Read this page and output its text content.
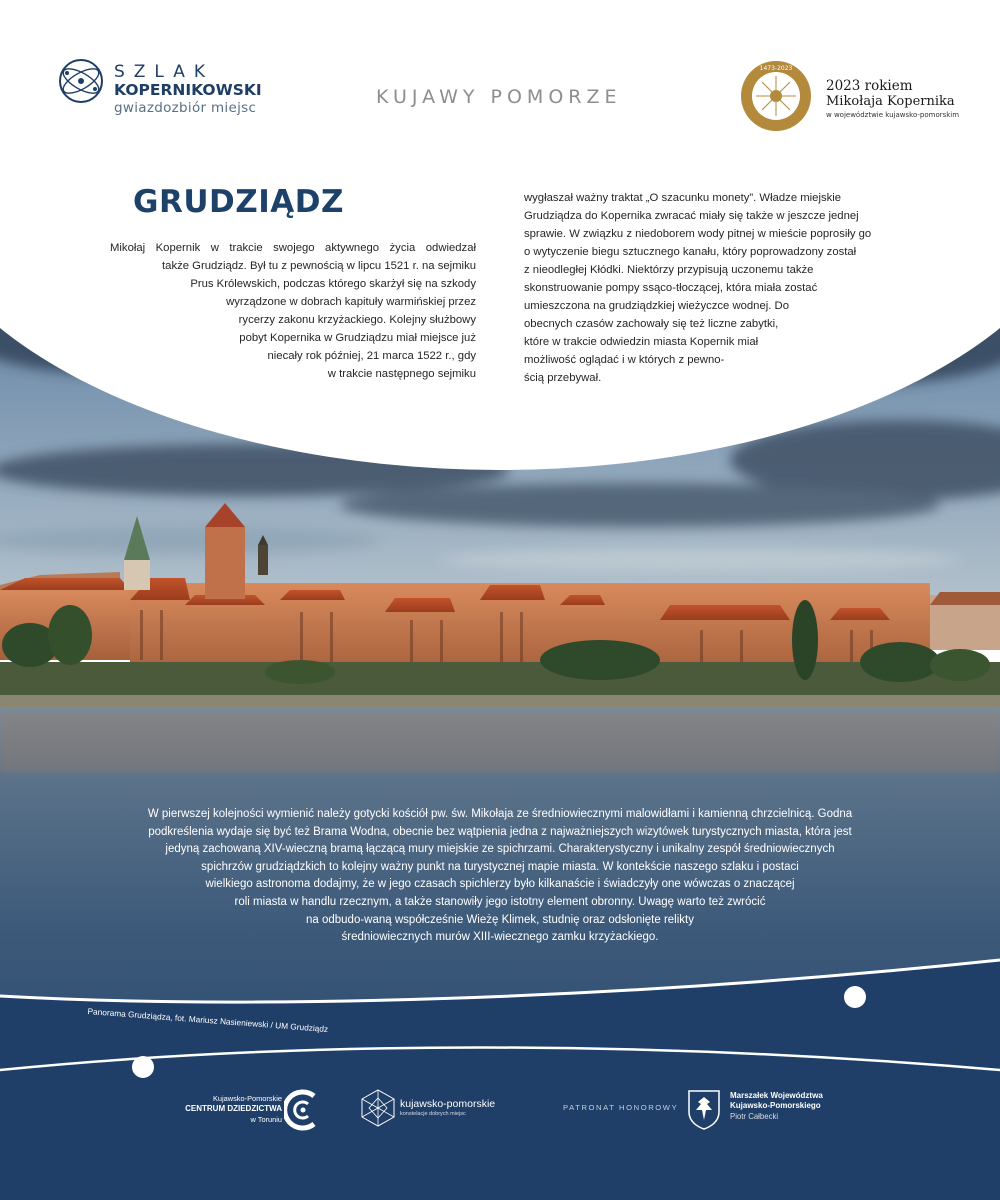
SZLAK
KOPERNIKOWSKI
gwiazdozbiór miejsc	KUJAWY POMORZE
1473-2023
2023 rokiem
Mikołaja Kopernika
w województwie kujawsko-pomorskim
GRUDZIĄDZ
Mikołaj Kopernik w trakcie swojego aktywnego życia odwiedzał
także Grudziądz. Był tu z pewnością w lipcu 1521 r. na sejmiku
Prus Królewskich, podczas którego skarżył się na szkody
wyrządzone w dobrach kapituły warmińskiej przez
rycerzy zakonu krzyżackiego. Kolejny służbowy
pobyt Kopernika w Grudziądzu miał miejsce już
niecały rok później, 21 marca 1522 r., gdy
w trakcie następnego sejmiku
wygłaszał ważny traktat „O szacunku monety”. Władze miejskie
Grudziądza do Kopernika zwracać miały się także w jeszcze jednej
sprawie. W związku z niedoborem wody pitnej w mieście poprosiły go
o wytyczenie biegu sztucznego kanału, który poprowadzony został
z nieodległej Kłódki. Niektórzy przypisują uczonemu także
skonstruowanie pompy ssąco-tłoczącej, która miała zostać
umieszczona na grudziądzkiej wieżyczce wodnej. Do
obecnych czasów zachowały się też liczne zabytki,
które w trakcie odwiedzin miasta Kopernik miał
możliwość oglądać i w których z pewno-
ścią przebywał.
W pierwszej kolejności wymienić należy gotycki kościół pw. św. Mikołaja ze średniowiecznymi malowidłami i kamienną chrzcielnicą. Godna
podkreślenia wydaje się być też Brama Wodna, obecnie bez wątpienia jedna z najważniejszych wizytówek turystycznych miasta, która jest
jedyną zachowaną XIV-wieczną bramą łączącą mury miejskie ze spichrzami. Charakterystyczny i unikalny zespół średniowiecznych
spichrzów grudziądzkich to kolejny ważny punkt na turystycznej mapie miasta. W kontekście naszego szlaku i postaci
wielkiego astronoma dodajmy, że w jego czasach spichlerzy było kilkanaście i świadczyły one wówczas o znaczącej
roli miasta w handlu rzecznym, a także stanowiły jego istotny element obronny. Uwagę warto też zwrócić
na odbudo-waną współcześnie Wieżę Klimek, studnię oraz odsłonięte relikty
średniowiecznych murów XIII-wiecznego zamku krzyżackiego.
Panorama Grudziądza, fot. Mariusz Nasieniewski / UM Grudziądz
Kujawsko-Pomorskie
CENTRUM DZIEDZICTWA
w Toruniu
kujawsko-pomorskie
konstelacje dobrych miejsc
PATRONAT HONOROWY
Marszałek Województwa
Kujawsko-Pomorskiego
Piotr Całbecki
